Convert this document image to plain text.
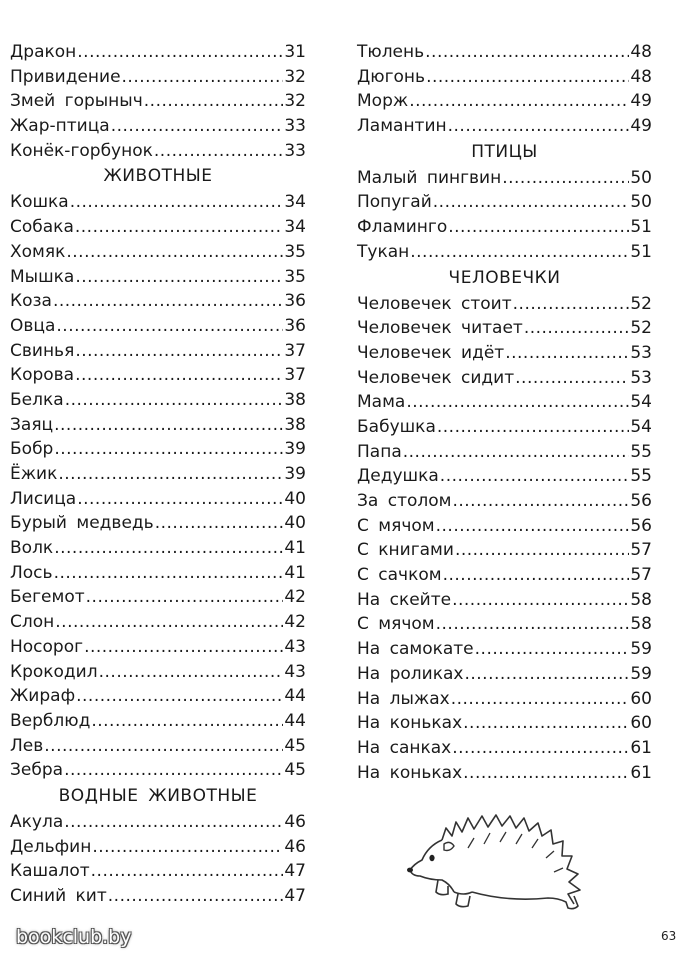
Дракон .....	31
Привидение .....	32
Змей горыныч .....	32
Жар-птица .....	33
Конёк-горбунок .....	33
ЖИВОТНЫЕ
Кошка .....	34
Собака .....	34
Хомяк .....	35
Мышка .....	35
Коза .....	36
Овца .....	36
Свинья .....	37
Корова .....	37
Белка .....	38
Заяц .....	38
Бобр .....	39
Ёжик .....	39
Лисица .....	40
Бурый медведь .....	40
Волк .....	41
Лось .....	41
Бегемот .....	42
Слон .....	42
Носорог .....	43
Крокодил .....	43
Жираф .....	44
Верблюд .....	44
Лев .....	45
Зебра .....	45
ВОДНЫЕ ЖИВОТНЫЕ
Акула .....	46
Дельфин .....	46
Кашалот .....	47
Синий кит .....	47
Тюлень .....	48
Дюгонь .....	48
Морж .....	49
Ламантин .....	49
ПТИЦЫ
Малый пингвин .....	50
Попугай .....	50
Фламинго .....	51
Тукан .....	51
ЧЕЛОВЕЧКИ
Человечек стоит .....	52
Человечек читает .....	52
Человечек идёт .....	53
Человечек сидит .....	53
Мама .....	54
Бабушка .....	54
Папа .....	55
Дедушка .....	55
За столом .....	56
С мячом .....	56
С книгами .....	57
С сачком .....	57
На скейте .....	58
С мячом .....	58
На самокате .....	59
На роликах .....	59
На лыжах .....	60
На коньках .....	60
На санках .....	61
На коньках .....	61
bookclub.by	63
